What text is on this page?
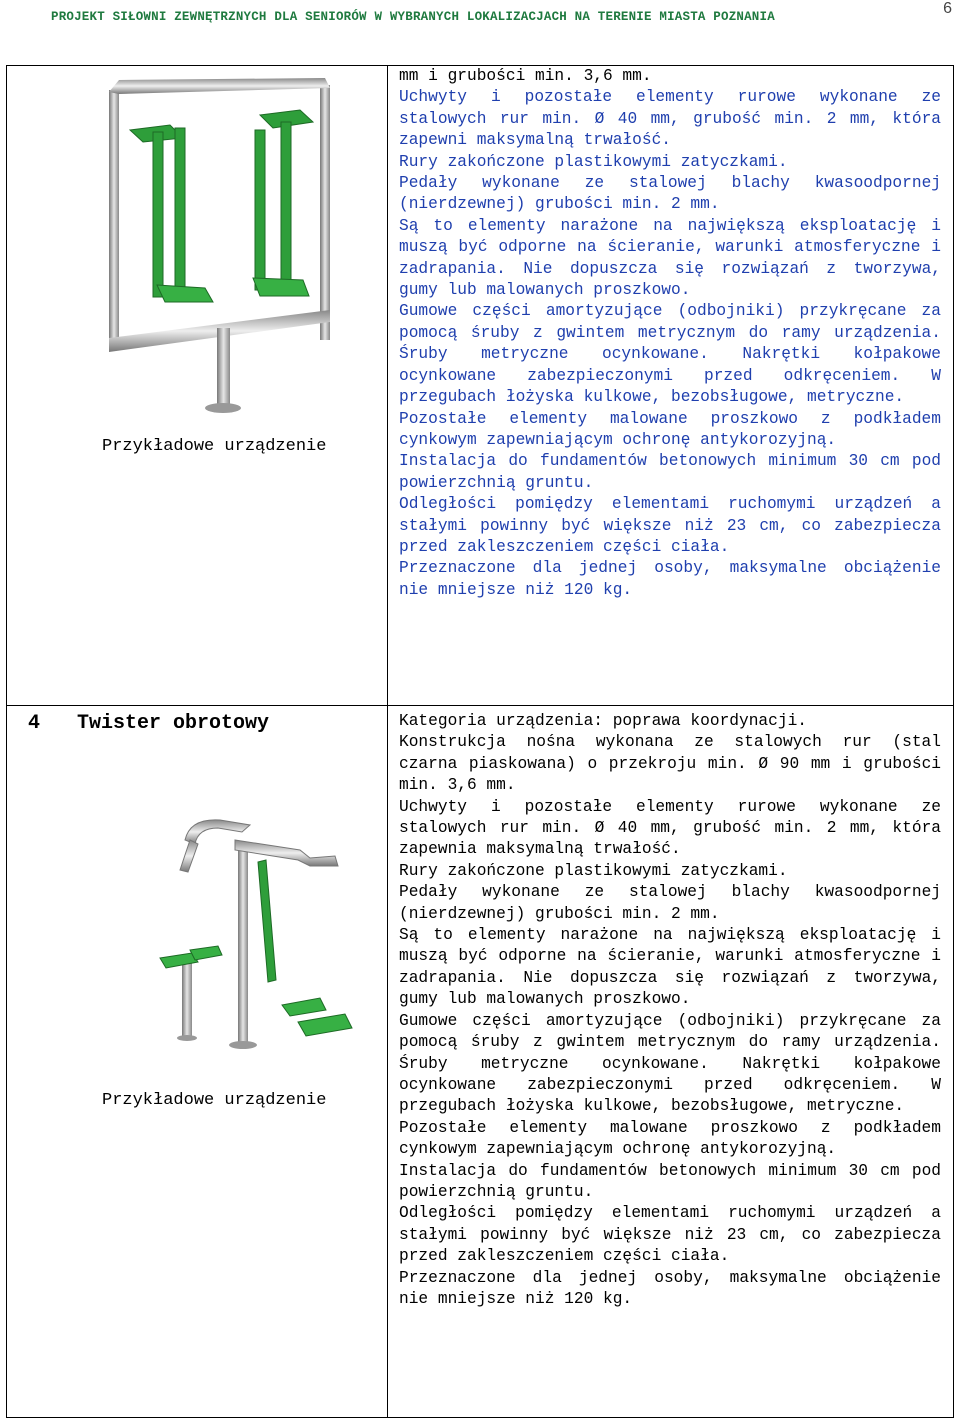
PROJEKT SIŁOWNI ZEWNĘTRZNYCH DLA SENIORÓW W WYBRANYCH LOKALIZACJACH NA TERENIE MIASTA POZNANIA	6
Przykładowe urządzenie

mm i grubości min. 3,6 mm.

Uchwyty i pozostałe elementy rurowe wykonane ze stalowych rur min. Ø 40 mm, grubość min. 2 mm, która zapewni maksymalną trwałość.

Rury zakończone plastikowymi zatyczkami.

Pedały wykonane ze stalowej blachy kwasoodpornej (nierdzewnej) grubości min. 2 mm.

Są to elementy narażone na największą eksploatację i muszą być odporne na ścieranie, warunki atmosferyczne i zadrapania. Nie dopuszcza się rozwiązań z tworzywa, gumy lub malowanych proszkowo.

Gumowe części amortyzujące (odbojniki) przykręcane za pomocą śruby z gwintem metrycznym do ramy urządzenia. Śruby metryczne ocynkowane. Nakrętki kołpakowe ocynkowane zabezpieczonymi przed odkręceniem. W przegubach łożyska kulkowe, bezobsługowe, metryczne.

Pozostałe elementy malowane proszkowo z podkładem cynkowym zapewniającym ochronę antykorozyjną.

Instalacja do fundamentów betonowych minimum 30 cm pod powierzchnią gruntu.

Odległości pomiędzy elementami ruchomymi urządzeń a stałymi powinny być większe niż 23 cm, co zabezpiecza przed zakleszczeniem części ciała.

Przeznaczone dla jednej osoby, maksymalne obciążenie nie mniejsze niż 120 kg.

4 Twister obrotowy
Przykładowe urządzenie

Kategoria urządzenia: poprawa koordynacji.

Konstrukcja nośna wykonana ze stalowych rur (stal czarna piaskowana) o przekroju min. Ø 90 mm i grubości min. 3,6 mm.

Uchwyty i pozostałe elementy rurowe wykonane ze stalowych rur min. Ø 40 mm, grubość min. 2 mm, która zapewnia maksymalną trwałość.

Rury zakończone plastikowymi zatyczkami.

Pedały wykonane ze stalowej blachy kwasoodpornej (nierdzewnej) grubości min. 2 mm.

Są to elementy narażone na największą eksploatację i muszą być odporne na ścieranie, warunki atmosferyczne i zadrapania. Nie dopuszcza się rozwiązań z tworzywa, gumy lub malowanych proszkowo.

Gumowe części amortyzujące (odbojniki) przykręcane za pomocą śruby z gwintem metrycznym do ramy urządzenia. Śruby metryczne ocynkowane. Nakrętki kołpakowe ocynkowane zabezpieczonymi przed odkręceniem. W przegubach łożyska kulkowe, bezobsługowe, metryczne.

Pozostałe elementy malowane proszkowo z podkładem cynkowym zapewniającym ochronę antykorozyjną.

Instalacja do fundamentów betonowych minimum 30 cm pod powierzchnią gruntu.

Odległości pomiędzy elementami ruchomymi urządzeń a stałymi powinny być większe niż 23 cm, co zabezpiecza przed zakleszczeniem części ciała.

Przeznaczone dla jednej osoby, maksymalne obciążenie nie mniejsze niż 120 kg.
